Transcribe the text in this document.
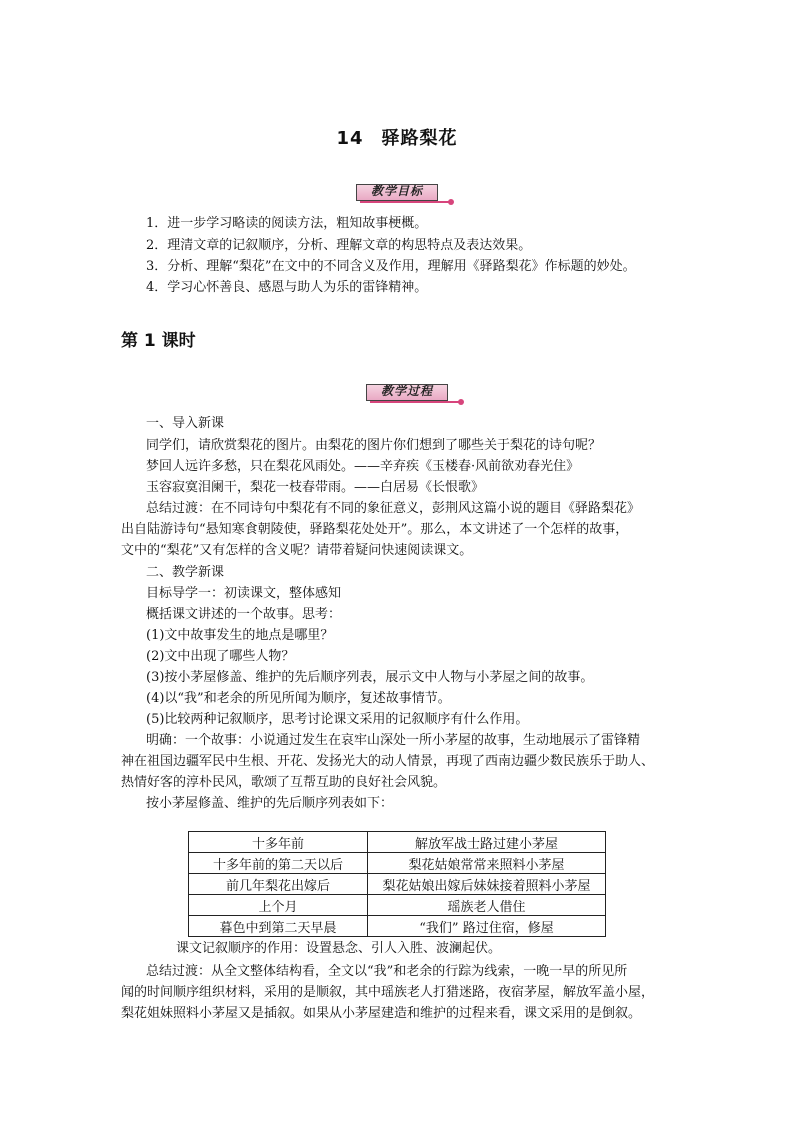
14 驿路梨花
教学目标
1．进一步学习略读的阅读方法，粗知故事梗概。
2．理清文章的记叙顺序，分析、理解文章的构思特点及表达效果。
3．分析、理解“梨花”在文中的不同含义及作用，理解用《驿路梨花》作标题的妙处。
4．学习心怀善良、感恩与助人为乐的雷锋精神。
第 1 课时
教学过程
一、导入新课
同学们，请欣赏梨花的图片。由梨花的图片你们想到了哪些关于梨花的诗句呢？
梦回人远许多愁，只在梨花风雨处。——辛弃疾《玉楼春·风前欲劝春光住》
玉容寂寞泪阑干，梨花一枝春带雨。——白居易《长恨歌》
总结过渡：在不同诗句中梨花有不同的象征意义，彭荆风这篇小说的题目《驿路梨花》
出自陆游诗句“悬知寒食朝陵使，驿路梨花处处开”。那么，本文讲述了一个怎样的故事，
文中的“梨花”又有怎样的含义呢？请带着疑问快速阅读课文。
二、教学新课
目标导学一：初读课文，整体感知
概括课文讲述的一个故事。思考：
(1)文中故事发生的地点是哪里？
(2)文中出现了哪些人物？
(3)按小茅屋修盖、维护的先后顺序列表，展示文中人物与小茅屋之间的故事。
(4)以“我”和老余的所见所闻为顺序，复述故事情节。
(5)比较两种记叙顺序，思考讨论课文采用的记叙顺序有什么作用。
明确：一个故事：小说通过发生在哀牢山深处一所小茅屋的故事，生动地展示了雷锋精
神在祖国边疆军民中生根、开花、发扬光大的动人情景，再现了西南边疆少数民族乐于助人、
热情好客的淳朴民风，歌颂了互帮互助的良好社会风貌。
按小茅屋修盖、维护的先后顺序列表如下：
十多年前	解放军战士路过建小茅屋
十多年前的第二天以后	梨花姑娘常常来照料小茅屋
前几年梨花出嫁后	梨花姑娘出嫁后妹妹接着照料小茅屋
上个月	瑶族老人借住
暮色中到第二天早晨	“我们” 路过住宿，修屋
课文记叙顺序的作用：设置悬念、引人入胜、波澜起伏。
总结过渡：从全文整体结构看，全文以“我”和老余的行踪为线索，一晚一早的所见所
闻的时间顺序组织材料，采用的是顺叙，其中瑶族老人打猎迷路，夜宿茅屋，解放军盖小屋，
梨花姐妹照料小茅屋又是插叙。如果从小茅屋建造和维护的过程来看，课文采用的是倒叙。
